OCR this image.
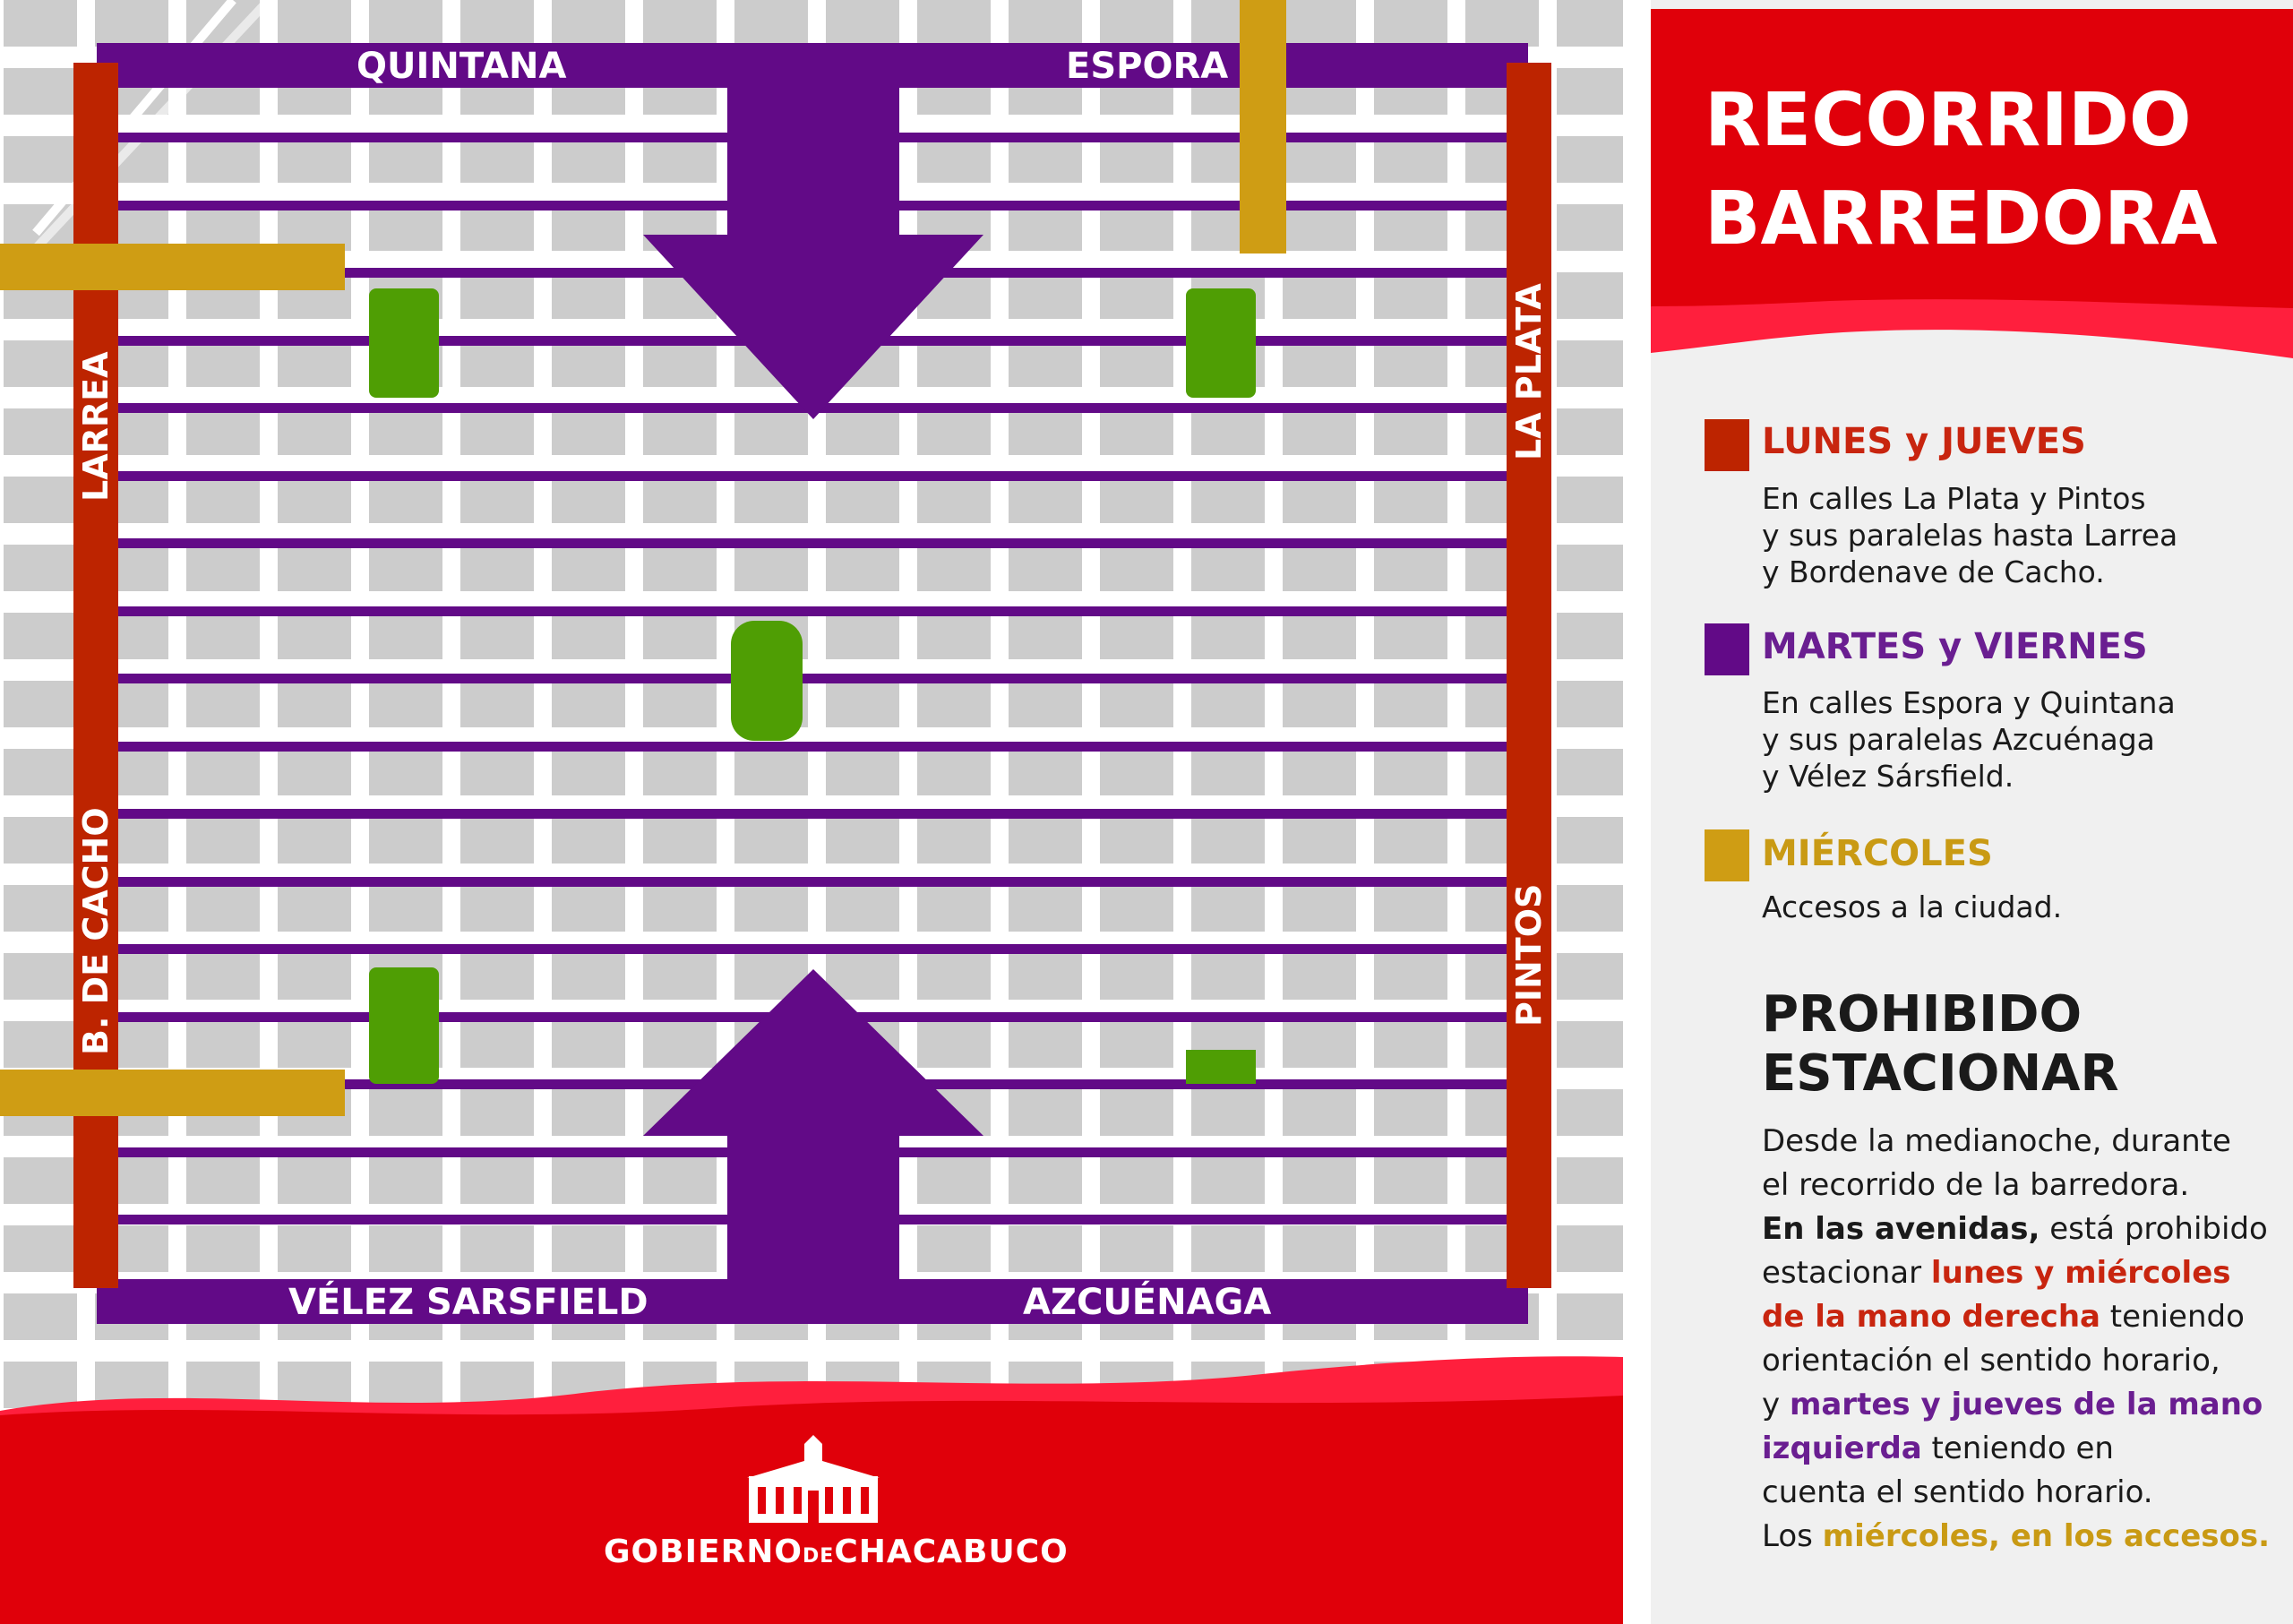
QUINTANA	ESPORA
VÉLEZ SARSFIELD	AZCUÉNAGA
LARREA
B. DE CACHO
LA PLATA
PINTOS
GOBIERNODECHACABUCO
RECORRIDO
BARREDORA
LUNES y JUEVES
En calles La Plata y Pintos
y sus paralelas hasta Larrea
y Bordenave de Cacho.
MARTES y VIERNES
En calles Espora y Quintana
y sus paralelas Azcuénaga
y Vélez Sársfield.
MIÉRCOLES
Accesos a la ciudad.
PROHIBIDO
ESTACIONAR
Desde la medianoche, durante
el recorrido de la barredora.
En las avenidas, está prohibido
estacionar lunes y miércoles
de la mano derecha teniendo
orientación el sentido horario,
y martes y jueves de la mano
izquierda teniendo en
cuenta el sentido horario.
Los miércoles, en los accesos.
